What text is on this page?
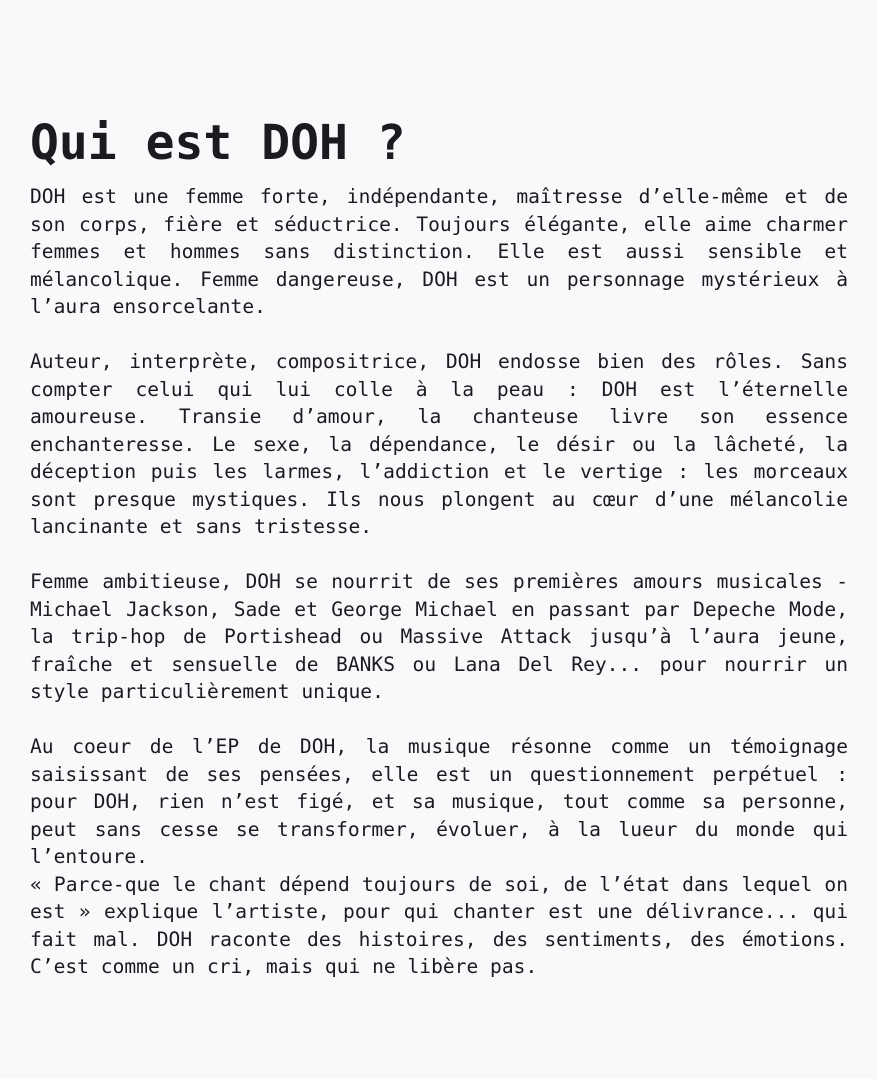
Qui est DOH ?

DOH est une femme forte, indépendante, maîtresse d’elle-même et de son corps, fière et séductrice. Toujours élégante, elle aime charmer femmes et hommes sans distinction. Elle est aussi sensible et mélancolique. Femme dangereuse, DOH est un personnage mystérieux à l’aura ensorcelante.

Auteur, interprète, compositrice, DOH endosse bien des rôles. Sans compter celui qui lui colle à la peau : DOH est l’éternelle amoureuse. Transie d’amour, la chanteuse livre son essence enchanteresse. Le sexe, la dépendance, le désir ou la lâcheté, la déception puis les larmes, l’addiction et le vertige : les morceaux sont presque mystiques. Ils nous plongent au cœur d’une mélancolie lancinante et sans tristesse.

Femme ambitieuse, DOH se nourrit de ses premières amours musicales - Michael Jackson, Sade et George Michael en passant par Depeche Mode, la trip-hop de Portishead ou Massive Attack jusqu’à l’aura jeune, fraîche et sensuelle de BANKS ou Lana Del Rey... pour nourrir un style particulièrement unique.

Au coeur de l’EP de DOH, la musique résonne comme un témoignage saisissant de ses pensées, elle est un questionnement perpétuel : pour DOH, rien n’est figé, et sa musique, tout comme sa personne, peut sans cesse se transformer, évoluer, à la lueur du monde qui l’entoure.

« Parce-que le chant dépend toujours de soi, de l’état dans lequel on est » explique l’artiste, pour qui chanter est une délivrance... qui fait mal. DOH raconte des histoires, des sentiments, des émotions. C’est comme un cri, mais qui ne libère pas.
